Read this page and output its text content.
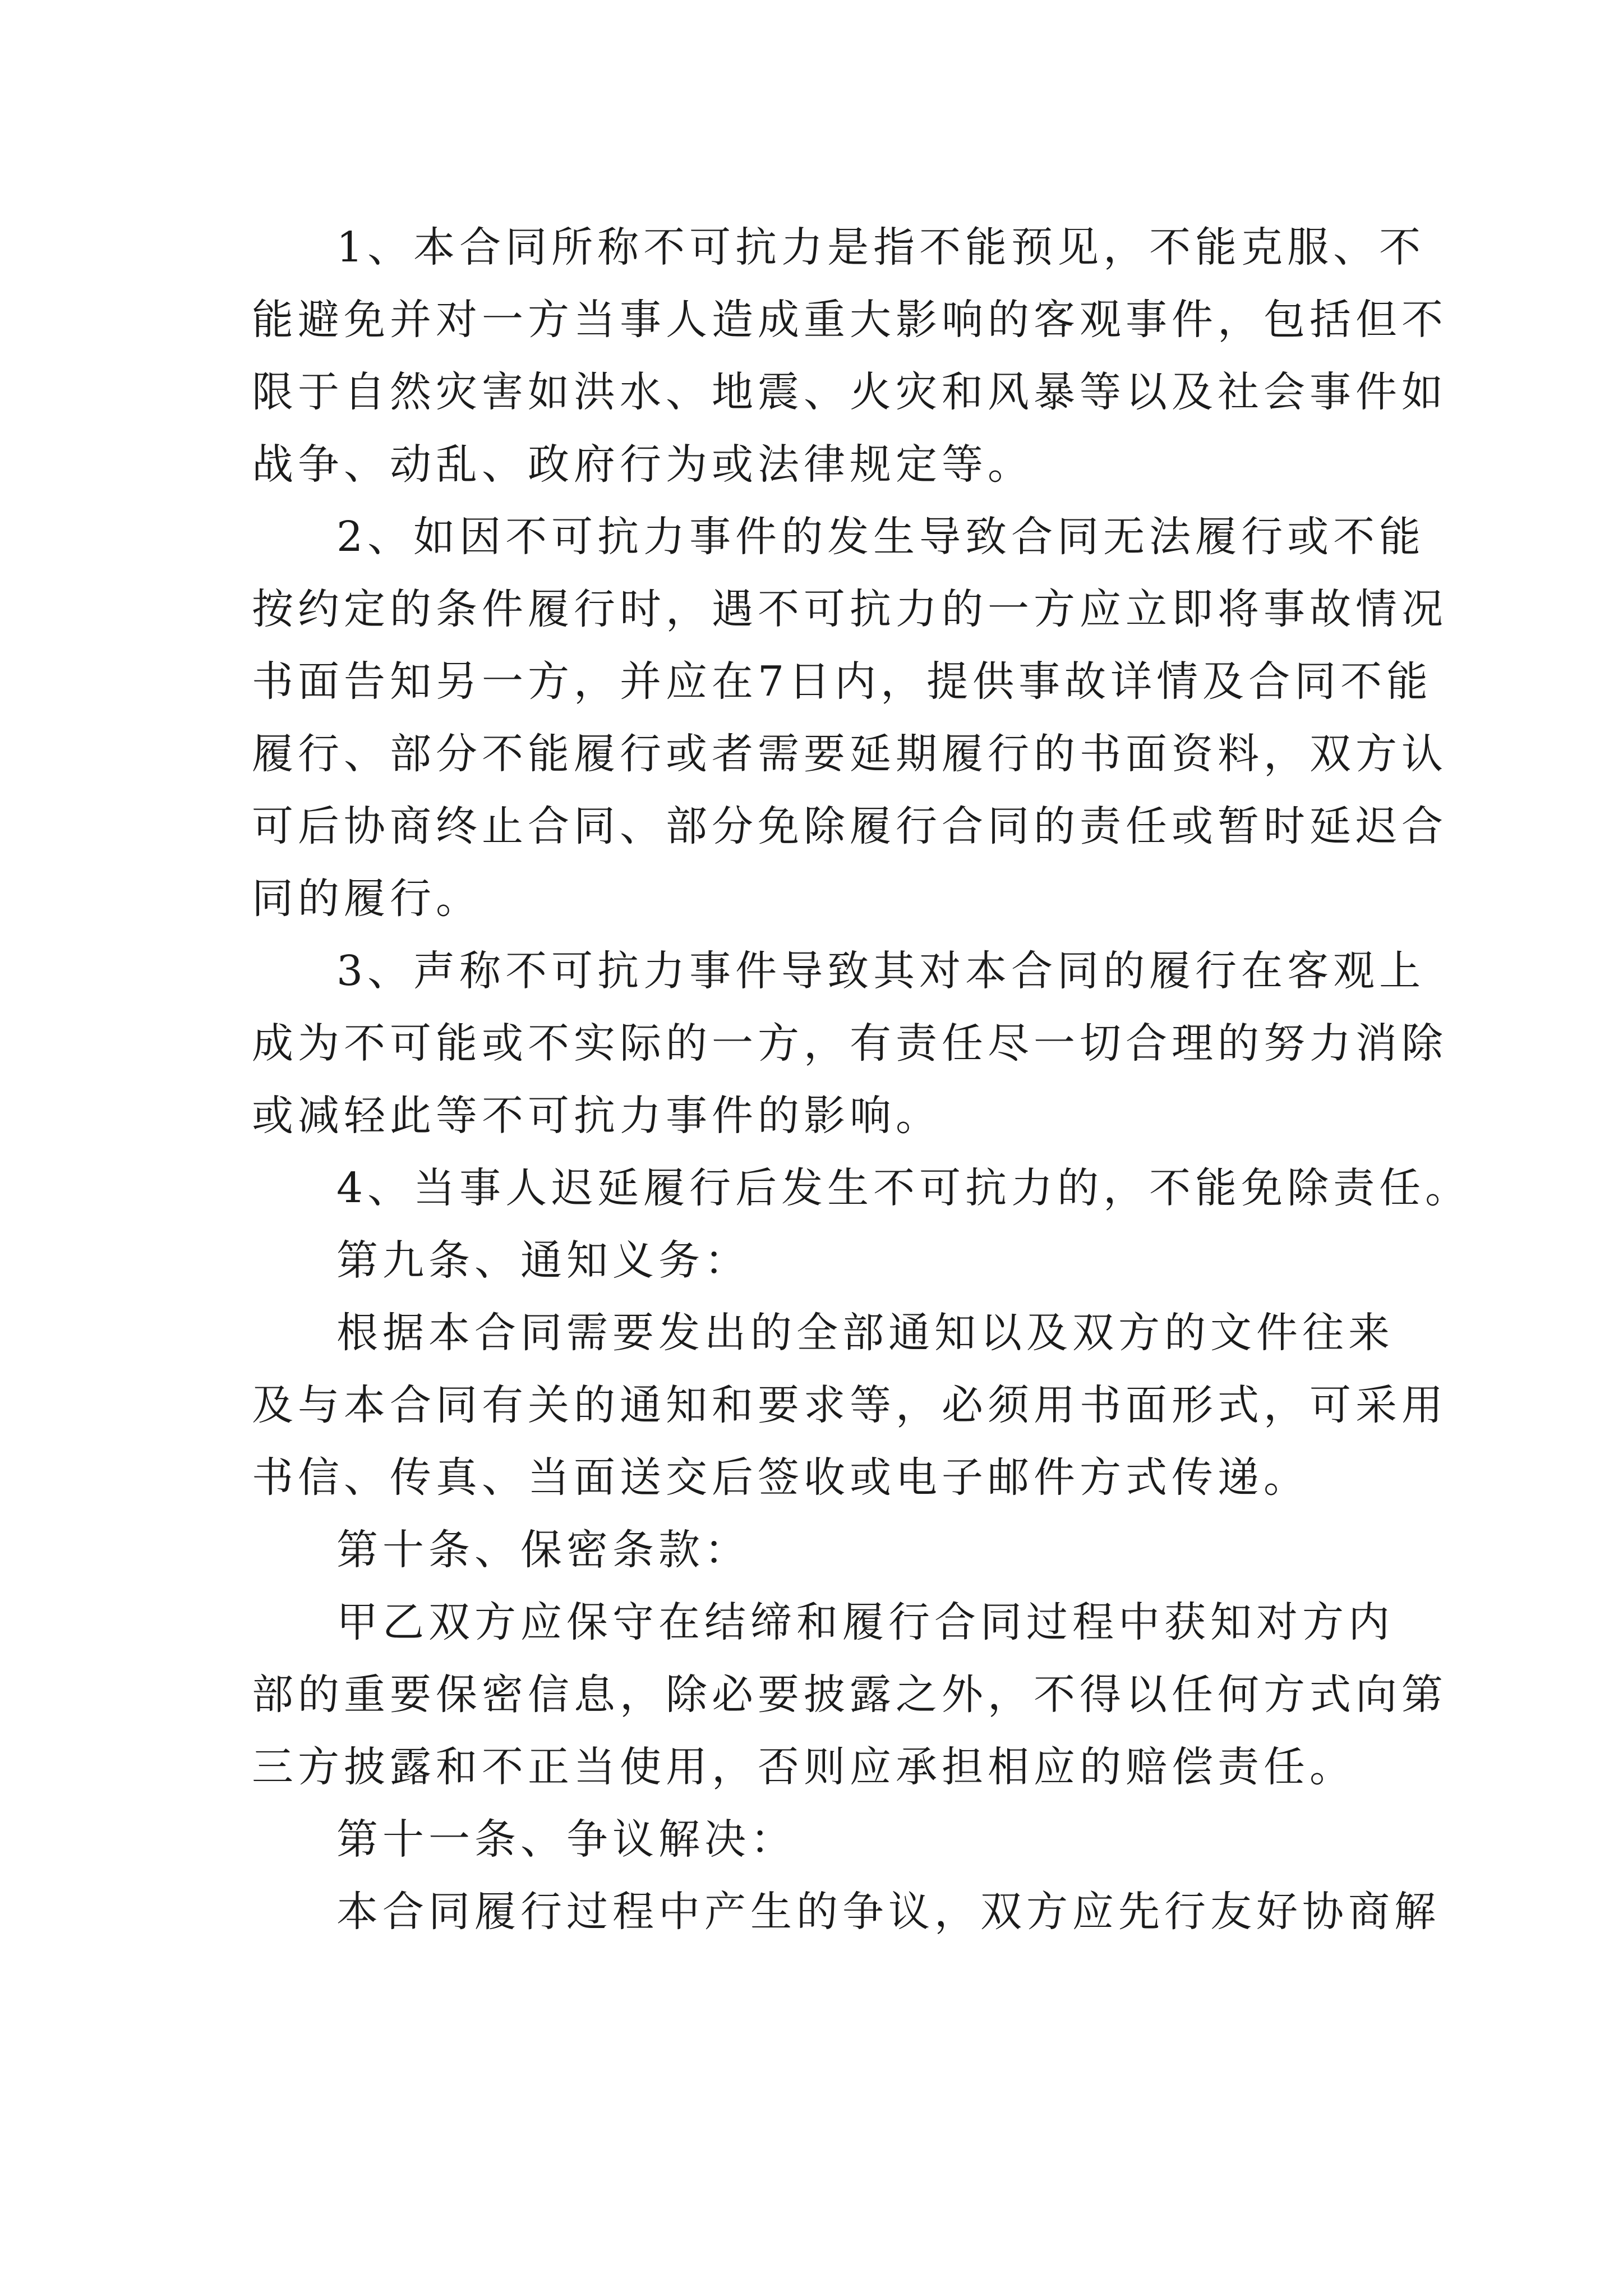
1、本合同所称不可抗力是指不能预见，不能克服、不
能避免并对一方当事人造成重大影响的客观事件，包括但不
限于自然灾害如洪水、地震、火灾和风暴等以及社会事件如
战争、动乱、政府行为或法律规定等。
2、如因不可抗力事件的发生导致合同无法履行或不能
按约定的条件履行时，遇不可抗力的一方应立即将事故情况
书面告知另一方，并应在7日内，提供事故详情及合同不能
履行、部分不能履行或者需要延期履行的书面资料，双方认
可后协商终止合同、部分免除履行合同的责任或暂时延迟合
同的履行。
3、声称不可抗力事件导致其对本合同的履行在客观上
成为不可能或不实际的一方，有责任尽一切合理的努力消除
或减轻此等不可抗力事件的影响。
4、当事人迟延履行后发生不可抗力的，不能免除责任。
第九条、通知义务：
根据本合同需要发出的全部通知以及双方的文件往来
及与本合同有关的通知和要求等，必须用书面形式，可采用
书信、传真、当面送交后签收或电子邮件方式传递。
第十条、保密条款：
甲乙双方应保守在结缔和履行合同过程中获知对方内
部的重要保密信息，除必要披露之外，不得以任何方式向第
三方披露和不正当使用，否则应承担相应的赔偿责任。
第十一条、争议解决：
本合同履行过程中产生的争议，双方应先行友好协商解
